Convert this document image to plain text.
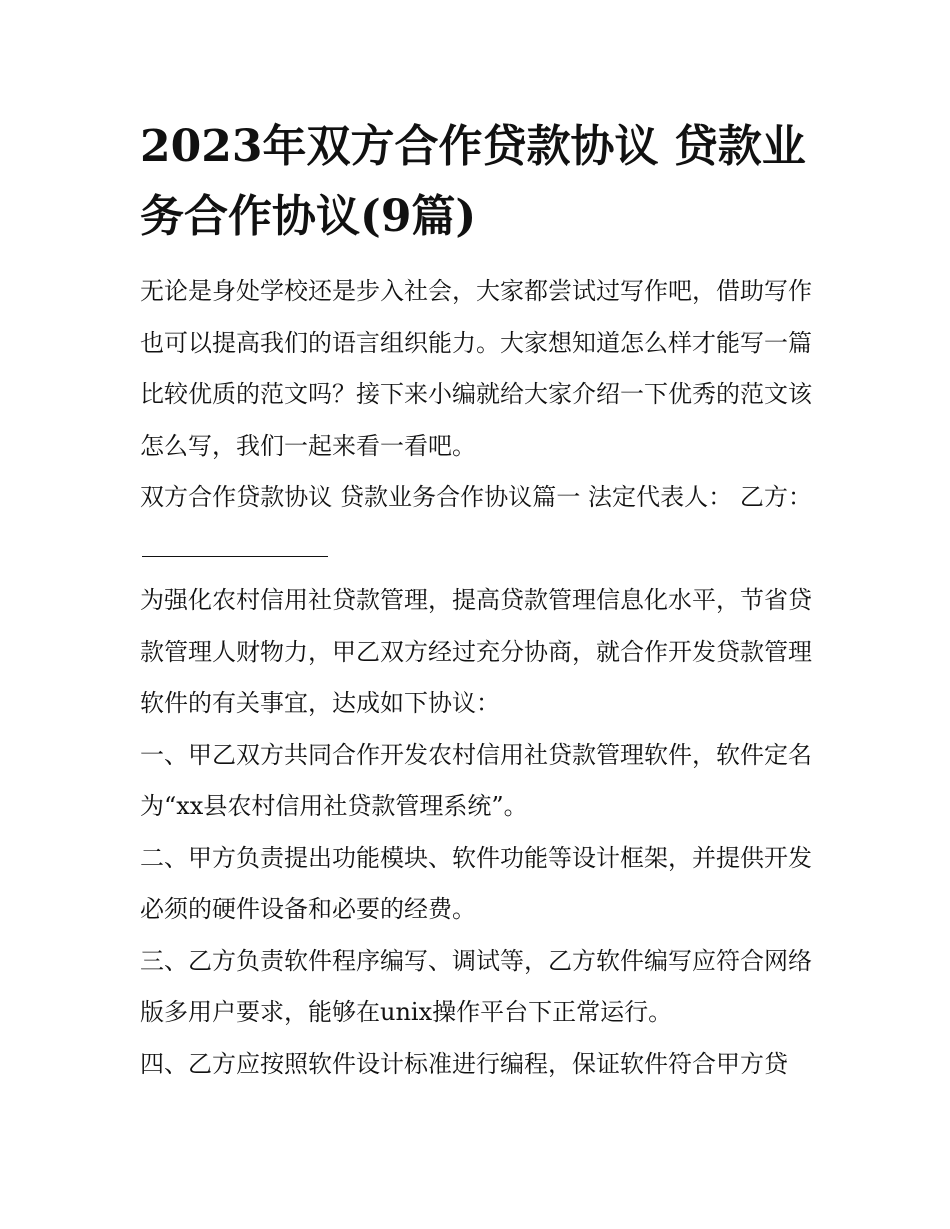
2023年双方合作贷款协议 贷款业务合作协议(9篇)

无论是身处学校还是步入社会，大家都尝试过写作吧，借助写作也可以提高我们的语言组织能力。大家想知道怎么样才能写一篇比较优质的范文吗？接下来小编就给大家介绍一下优秀的范文该怎么写，我们一起来看一看吧。

双方合作贷款协议 贷款业务合作协议篇一 法定代表人： 乙方：

为强化农村信用社贷款管理，提高贷款管理信息化水平，节省贷款管理人财物力，甲乙双方经过充分协商，就合作开发贷款管理软件的有关事宜，达成如下协议：

一、甲乙双方共同合作开发农村信用社贷款管理软件，软件定名为“xx县农村信用社贷款管理系统”。

二、甲方负责提出功能模块、软件功能等设计框架，并提供开发必须的硬件设备和必要的经费。

三、乙方负责软件程序编写、调试等，乙方软件编写应符合网络版多用户要求，能够在unix操作平台下正常运行。

四、乙方应按照软件设计标准进行编程，保证软件符合甲方贷
